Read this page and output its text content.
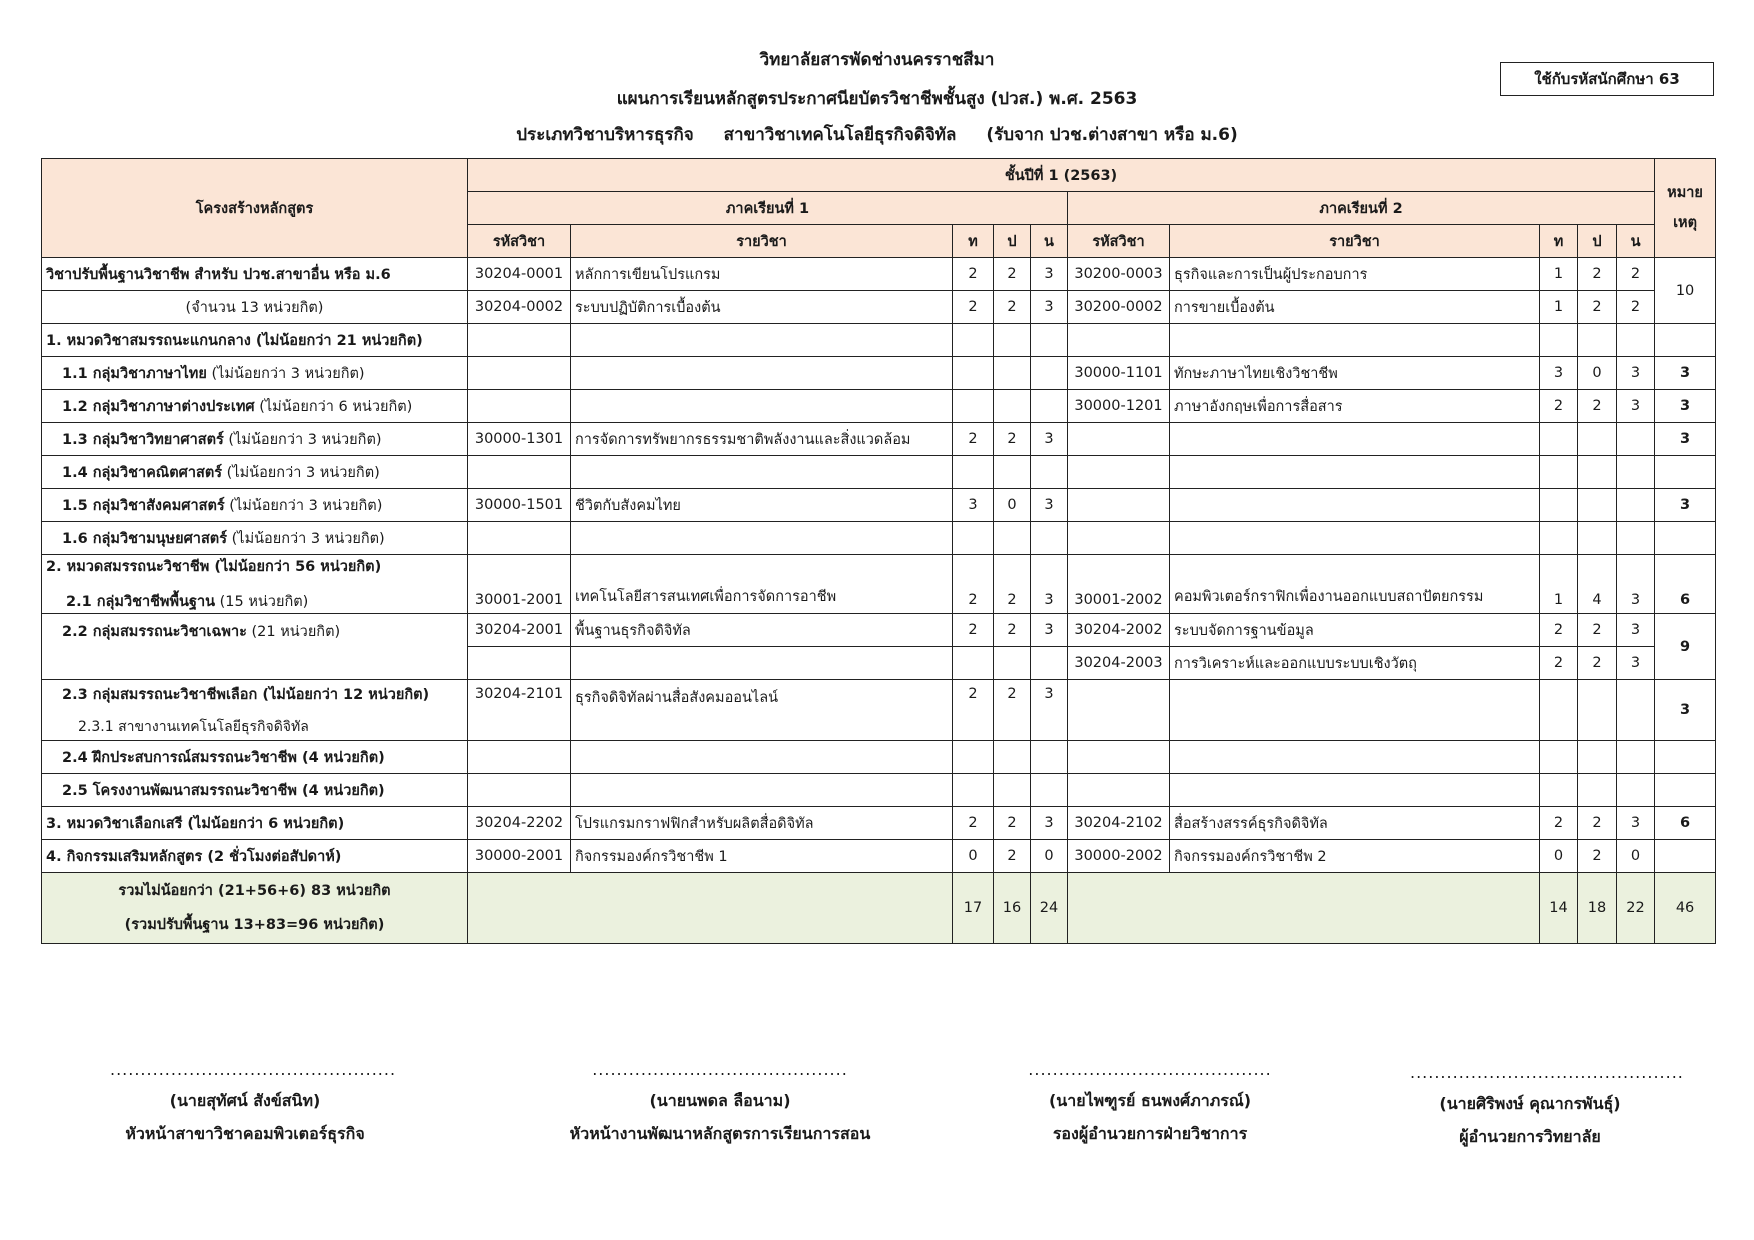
วิทยาลัยสารพัดช่างนครราชสีมา
แผนการเรียนหลักสูตรประกาศนียบัตรวิชาชีพชั้นสูง (ปวส.) พ.ศ. 2563
ประเภทวิชาบริหารธุรกิจ สาขาวิชาเทคโนโลยีธุรกิจดิจิทัล (รับจาก ปวช.ต่างสาขา หรือ ม.6)
ใช้กับรหัสนักศึกษา 63
โครงสร้างหลักสูตร	ชั้นปีที่ 1 (2563)										หมาย เหตุ
	ภาคเรียนที่ 1					ภาคเรียนที่ 2					
	รหัสวิชา	รายวิชา	ท	ป	น	รหัสวิชา	รายวิชา	ท	ป	น	
วิชาปรับพื้นฐานวิชาชีพ สำหรับ ปวช.สาขาอื่น หรือ ม.6	30204-0001	หลักการเขียนโปรแกรม	2	2	3	30200-0003	ธุรกิจและการเป็นผู้ประกอบการ	1	2	2	10
(จำนวน 13 หน่วยกิต)	30204-0002	ระบบปฏิบัติการเบื้องต้น	2	2	3	30200-0002	การขายเบื้องต้น	1	2	2	
1. หมวดวิชาสมรรถนะแกนกลาง (ไม่น้อยกว่า 21 หน่วยกิต)											
1.1 กลุ่มวิชาภาษาไทย (ไม่น้อยกว่า 3 หน่วยกิต)						30000-1101	ทักษะภาษาไทยเชิงวิชาชีพ	3	0	3	3
1.2 กลุ่มวิชาภาษาต่างประเทศ (ไม่น้อยกว่า 6 หน่วยกิต)						30000-1201	ภาษาอังกฤษเพื่อการสื่อสาร	2	2	3	3
1.3 กลุ่มวิชาวิทยาศาสตร์ (ไม่น้อยกว่า 3 หน่วยกิต)	30000-1301	การจัดการทรัพยากรธรรมชาติพลังงานและสิ่งแวดล้อม	2	2	3						3
1.4 กลุ่มวิชาคณิตศาสตร์ (ไม่น้อยกว่า 3 หน่วยกิต)											
1.5 กลุ่มวิชาสังคมศาสตร์ (ไม่น้อยกว่า 3 หน่วยกิต)	30000-1501	ชีวิตกับสังคมไทย	3	0	3						3
1.6 กลุ่มวิชามนุษยศาสตร์ (ไม่น้อยกว่า 3 หน่วยกิต)											

2. หมวดสมรรถนะวิชาชีพ (ไม่น้อยกว่า 56 หน่วยกิต)
2.1 กลุ่มวิชาชีพพื้นฐาน (15 หน่วยกิต)	30001-2001	เทคโนโลยีสารสนเทศเพื่อการจัดการอาชีพ	2	2	3	30001-2002	คอมพิวเตอร์กราฟิกเพื่องานออกแบบสถาปัตยกรรม	1	4	3	6
2.2 กลุ่มสมรรถนะวิชาเฉพาะ (21 หน่วยกิต)	30204-2001	พื้นฐานธุรกิจดิจิทัล	2	2	3	30204-2002	ระบบจัดการฐานข้อมูล	2	2	3	9
						30204-2003	การวิเคราะห์และออกแบบระบบเชิงวัตถุ	2	2	3	

2.3 กลุ่มสมรรถนะวิชาชีพเลือก (ไม่น้อยกว่า 12 หน่วยกิต)
2.3.1 สาขางานเทคโนโลยีธุรกิจดิจิทัล	30204-2101	ธุรกิจดิจิทัลผ่านสื่อสังคมออนไลน์	2	2	3						3
2.4 ฝึกประสบการณ์สมรรถนะวิชาชีพ (4 หน่วยกิต)											
2.5 โครงงานพัฒนาสมรรถนะวิชาชีพ (4 หน่วยกิต)											
3. หมวดวิชาเลือกเสรี (ไม่น้อยกว่า 6 หน่วยกิต)	30204-2202	โปรแกรมกราฟฟิกสำหรับผลิตสื่อดิจิทัล	2	2	3	30204-2102	สื่อสร้างสรรค์ธุรกิจดิจิทัล	2	2	3	6
4. กิจกรรมเสริมหลักสูตร (2 ชั่วโมงต่อสัปดาห์)	30000-2001	กิจกรรมองค์กรวิชาชีพ 1	0	2	0	30000-2002	กิจกรรมองค์กรวิชาชีพ 2	0	2	0	

รวมไม่น้อยกว่า (21+56+6) 83 หน่วยกิต
(รวมปรับพื้นฐาน 13+83=96 หน่วยกิต)			17	16	24			14	18	22	46
...............................................
(นายสุทัศน์ สังข์สนิท)
หัวหน้าสาขาวิชาคอมพิวเตอร์ธุรกิจ
..........................................
(นายนพดล ลือนาม)
หัวหน้างานพัฒนาหลักสูตรการเรียนการสอน
........................................
(นายไพฑูรย์ ธนพงศ์ภาภรณ์)
รองผู้อำนวยการฝ่ายวิชาการ
.............................................
(นายศิริพงษ์ คุณากรพันธุ์)
ผู้อำนวยการวิทยาลัย
